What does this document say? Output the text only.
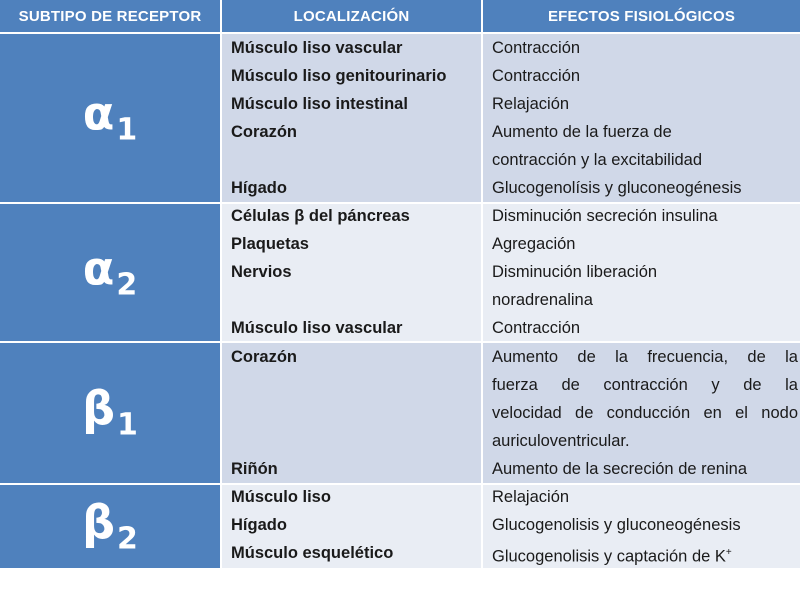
SUBTIPO DE RECEPTOR	LOCALIZACIÓN	EFECTOS FISIOLÓGICOS
$\alpha_1$
Músculo liso vascular
Músculo liso genitourinario
Músculo liso intestinal
Corazón
Hígado
Contracción
Contracción
Relajación
Aumento de la fuerza de
contracción y la excitabilidad
Glucogenolísis y gluconeogénesis
$\alpha_2$
Células β del páncreas
Plaquetas
Nervios
Músculo liso vascular
Disminución secreción insulina
Agregación
Disminución liberación
noradrenalina
Contracción
$\beta_1$
Corazón
Riñón
Aumento de la frecuencia, de la
fuerza de contracción y de la
velocidad de conducción en el nodo
auriculoventricular.
Aumento de la secreción de renina
$\beta_2$
Músculo liso
Hígado
Músculo esquelético
Relajación
Glucogenolisis y gluconeogénesis
Glucogenolisis y captación de K+
